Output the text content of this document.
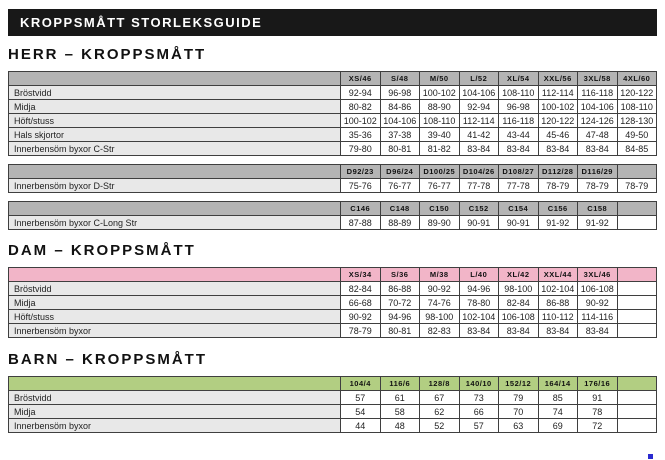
KROPPSMÅTT STORLEKSGUIDE
HERR – KROPPSMÅTT
	XS/46	S/48	M/50	L/52	XL/54	XXL/56	3XL/58	4XL/60
Bröstvidd	92-94	96-98	100-102	104-106	108-110	112-114	116-118	120-122
Midja	80-82	84-86	88-90	92-94	96-98	100-102	104-106	108-110
Höft/stuss	100-102	104-106	108-110	112-114	116-118	120-122	124-126	128-130
Hals skjortor	35-36	37-38	39-40	41-42	43-44	45-46	47-48	49-50
Innerbensöm byxor C-Str	79-80	80-81	81-82	83-84	83-84	83-84	83-84	84-85
	D92/23	D96/24	D100/25	D104/26	D108/27	D112/28	D116/29	
Innerbensöm byxor D-Str	75-76	76-77	76-77	77-78	77-78	78-79	78-79	78-79
	C146	C148	C150	C152	C154	C156	C158	
Innerbensöm byxor C-Long Str	87-88	88-89	89-90	90-91	90-91	91-92	91-92	
DAM – KROPPSMÅTT
	XS/34	S/36	M/38	L/40	XL/42	XXL/44	3XL/46	
Bröstvidd	82-84	86-88	90-92	94-96	98-100	102-104	106-108	
Midja	66-68	70-72	74-76	78-80	82-84	86-88	90-92	
Höft/stuss	90-92	94-96	98-100	102-104	106-108	110-112	114-116	
Innerbensöm byxor	78-79	80-81	82-83	83-84	83-84	83-84	83-84	
BARN – KROPPSMÅTT
	104/4	116/6	128/8	140/10	152/12	164/14	176/16	
Bröstvidd	57	61	67	73	79	85	91	
Midja	54	58	62	66	70	74	78	
Innerbensöm byxor	44	48	52	57	63	69	72	
